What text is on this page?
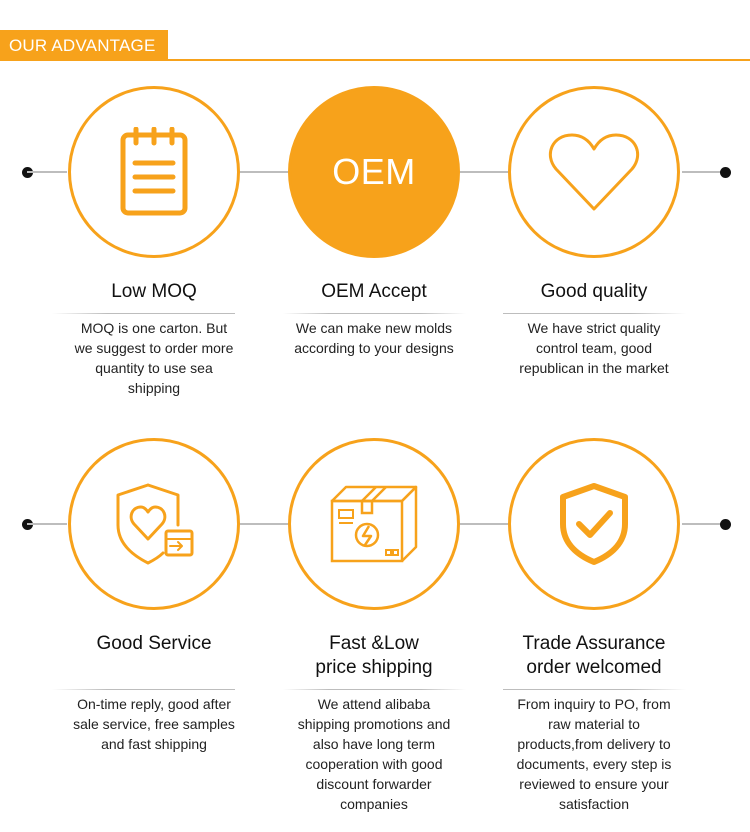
OUR ADVANTAGE
OEM
Low MOQ	OEM Accept	Good quality
MOQ is one carton. But
we suggest to order more
quantity to use sea
shipping
We can make new molds
according to your designs
We have strict quality
control team, good
republican in the market
Good Service	Fast &Low
price shipping
Trade Assurance
order welcomed
On-time reply, good after
sale service, free samples
and fast shipping
We attend alibaba
shipping promotions and
also have long term
cooperation with good
discount forwarder
companies
From inquiry to PO, from
raw material to
products,from delivery to
documents, every step is
reviewed to ensure your
satisfaction
